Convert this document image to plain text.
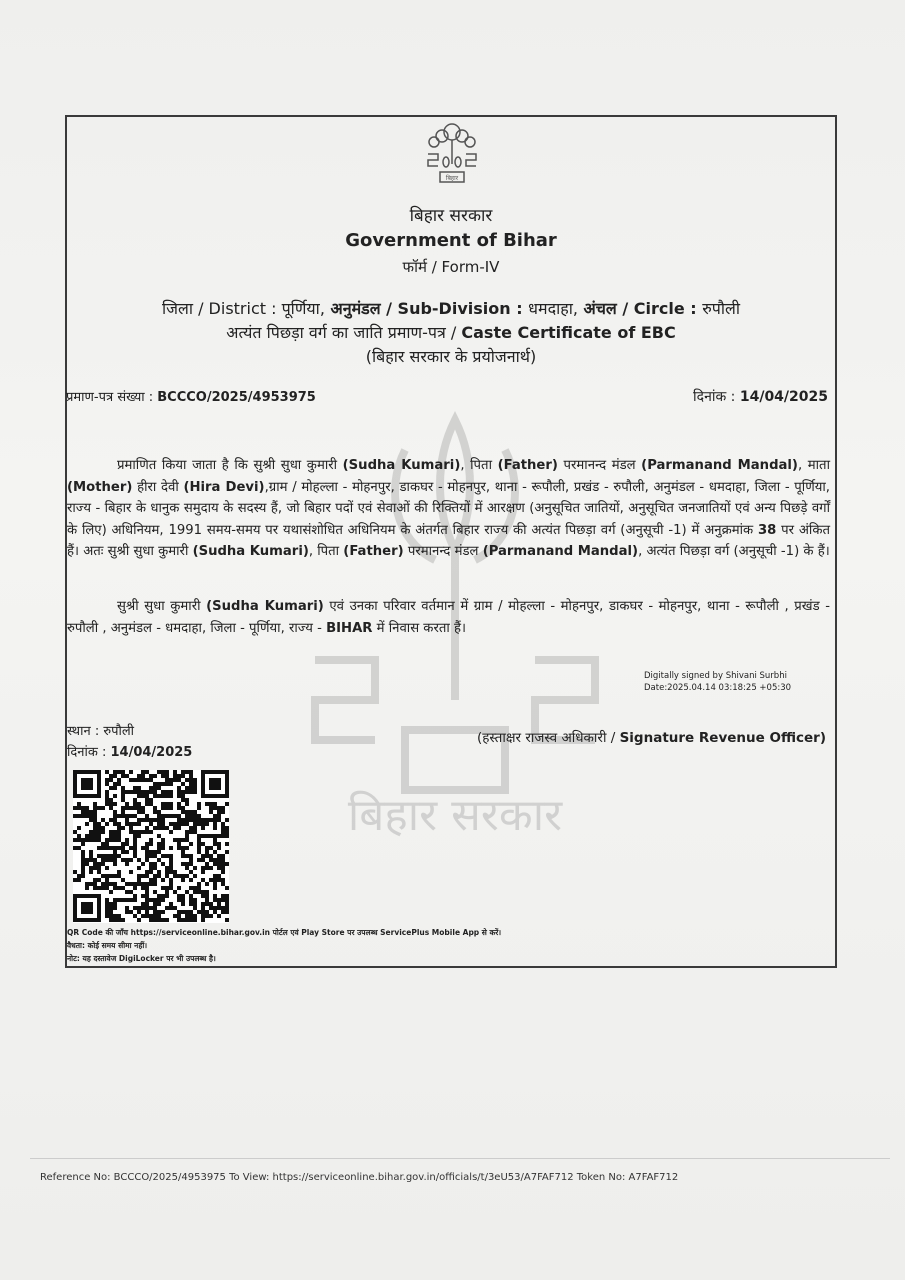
बिहार सरकार
बिहार
बिहार सरकार
Government of Bihar
फॉर्म / Form-IV
जिला / District : पूर्णिया, अनुमंडल / Sub-Division : धमदाहा, अंचल / Circle : रुपौली
अत्यंत पिछड़ा वर्ग का जाति प्रमाण-पत्र / Caste Certificate of EBC
(बिहार सरकार के प्रयोजनार्थ)
प्रमाण-पत्र संख्या : BCCCO/2025/4953975	दिनांक : 14/04/2025
प्रमाणित किया जाता है कि सुश्री सुधा कुमारी (Sudha Kumari), पिता (Father) परमानन्द मंडल (Parmanand Mandal), माता (Mother) हीरा देवी (Hira Devi),ग्राम / मोहल्ला - मोहनपुर, डाकघर - मोहनपुर, थाना - रूपौली, प्रखंड - रुपौली, अनुमंडल - धमदाहा, जिला - पूर्णिया, राज्य - बिहार के धानुक समुदाय के सदस्य हैं, जो बिहार पदों एवं सेवाओं की रिक्तियों में आरक्षण (अनुसूचित जातियों, अनुसूचित जनजातियों एवं अन्य पिछड़े वर्गों के लिए) अधिनियम, 1991 समय-समय पर यथासंशोधित अधिनियम के अंतर्गत बिहार राज्य की अत्यंत पिछड़ा वर्ग (अनुसूची -1) में अनुक्रमांक 38 पर अंकित हैं। अतः सुश्री सुधा कुमारी (Sudha Kumari), पिता (Father) परमानन्द मंडल (Parmanand Mandal), अत्यंत पिछड़ा वर्ग (अनुसूची -1) के हैं।
सुश्री सुधा कुमारी (Sudha Kumari) एवं उनका परिवार वर्तमान में ग्राम / मोहल्ला - मोहनपुर, डाकघर - मोहनपुर, थाना - रूपौली , प्रखंड - रुपौली , अनुमंडल - धमदाहा, जिला - पूर्णिया, राज्य - BIHAR में निवास करता हैं।
Digitally signed by Shivani Surbhi
Date:2025.04.14 03:18:25 +05:30
स्थान : रुपौली
दिनांक : 14/04/2025
(हस्ताक्षर राजस्व अधिकारी / Signature Revenue Officer)
QR Code की जाँच https://serviceonline.bihar.gov.in पोर्टल एवं Play Store पर उपलब्ध ServicePlus Mobile App से करें।
वैधता: कोई समय सीमा नहीं।
नोट: यह दस्तावेज DigiLocker पर भी उपलब्ध है।
Reference No: BCCCO/2025/4953975 To View: https://serviceonline.bihar.gov.in/officials/t/3eU53/A7FAF712 Token No: A7FAF712
